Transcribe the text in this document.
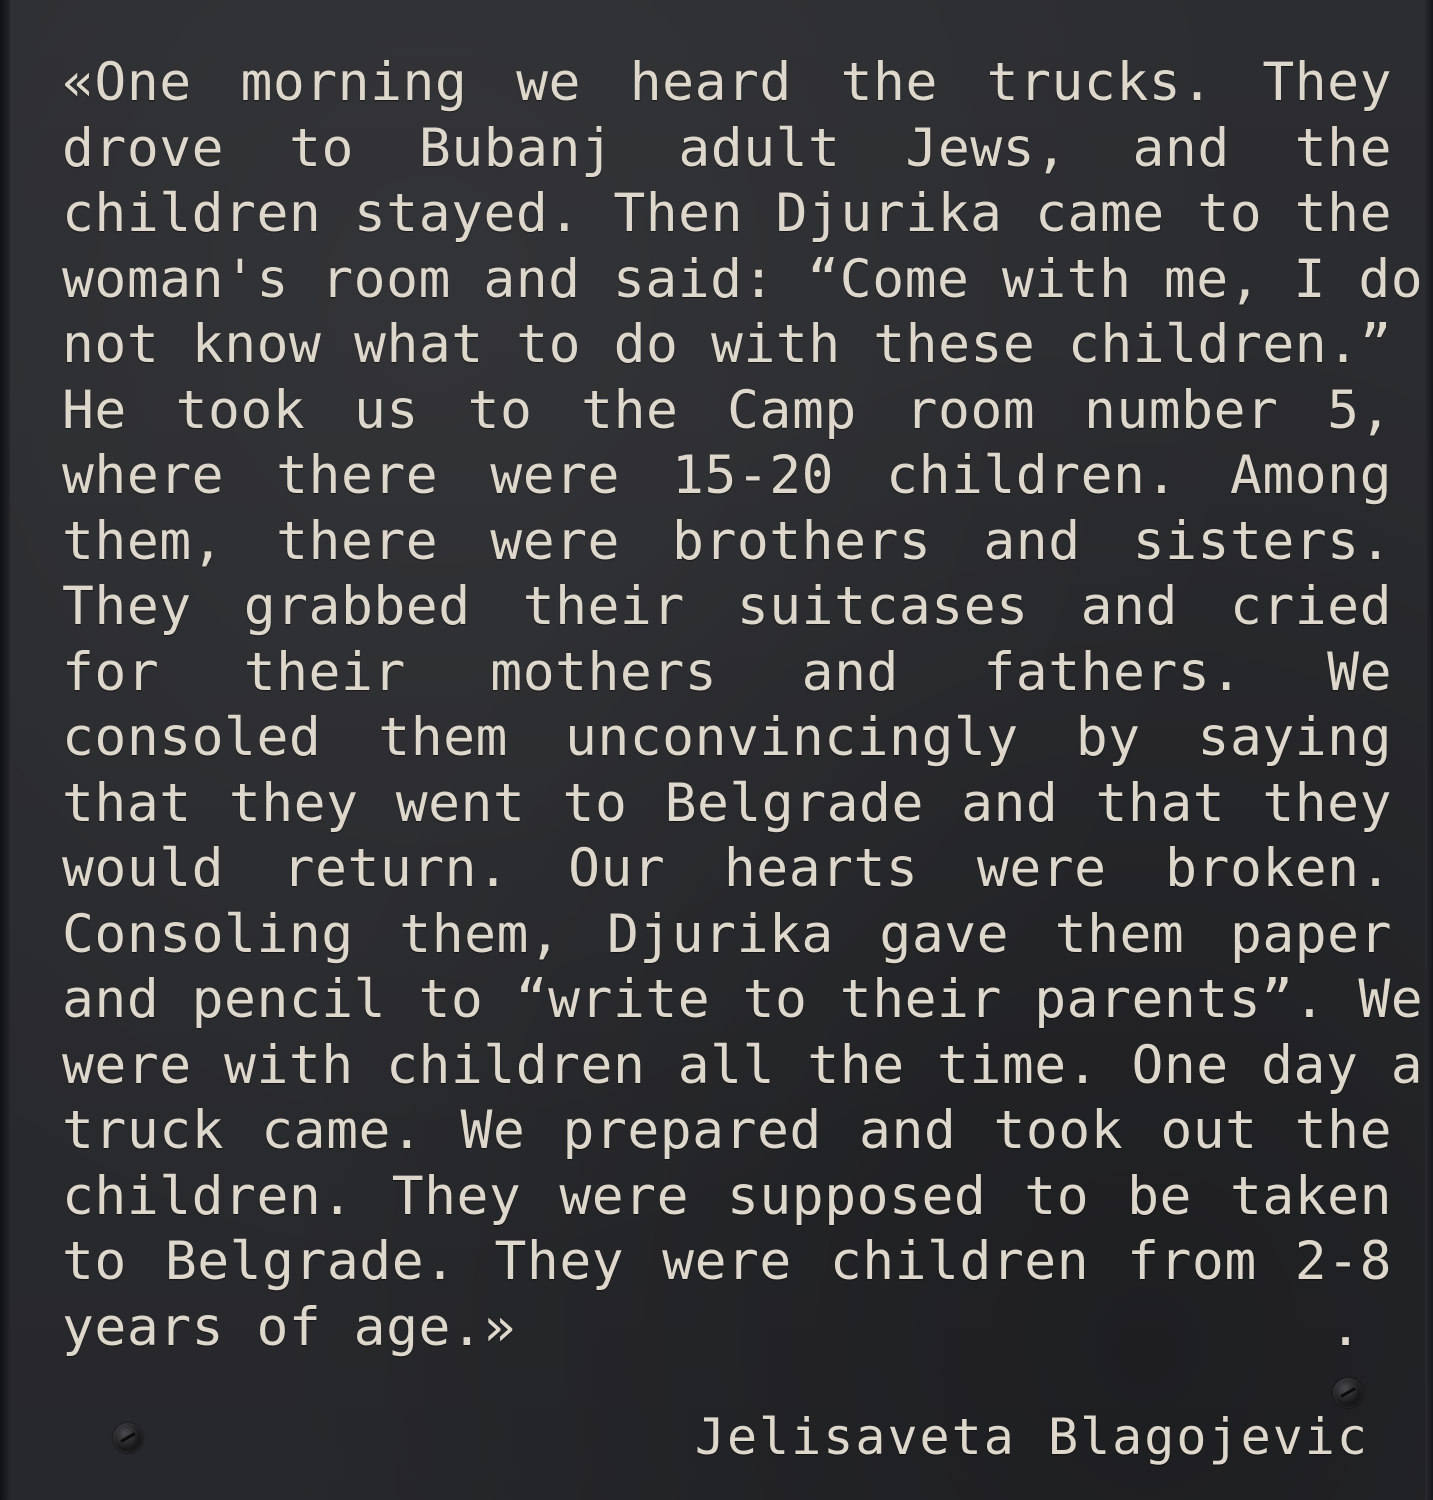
«One morning we heard the trucks. They
drove to Bubanj adult Jews, and the
children stayed. Then Djurika came to the
woman's room and said: “Come with me, I do
not know what to do with these children.”
He took us to the Camp room number 5,
where there were 15-20 children. Among
them, there were brothers and sisters.
They grabbed their suitcases and cried
for their mothers and fathers. We
consoled them unconvincingly by saying
that they went to Belgrade and that they
would return. Our hearts were broken.
Consoling them, Djurika gave them paper
and pencil to “write to their parents”. We
were with children all the time. One day a
truck came. We prepared and took out the
children. They were supposed to be taken
to Belgrade. They were children from 2-8
years of age.»	.
Jelisaveta Blagojevic
